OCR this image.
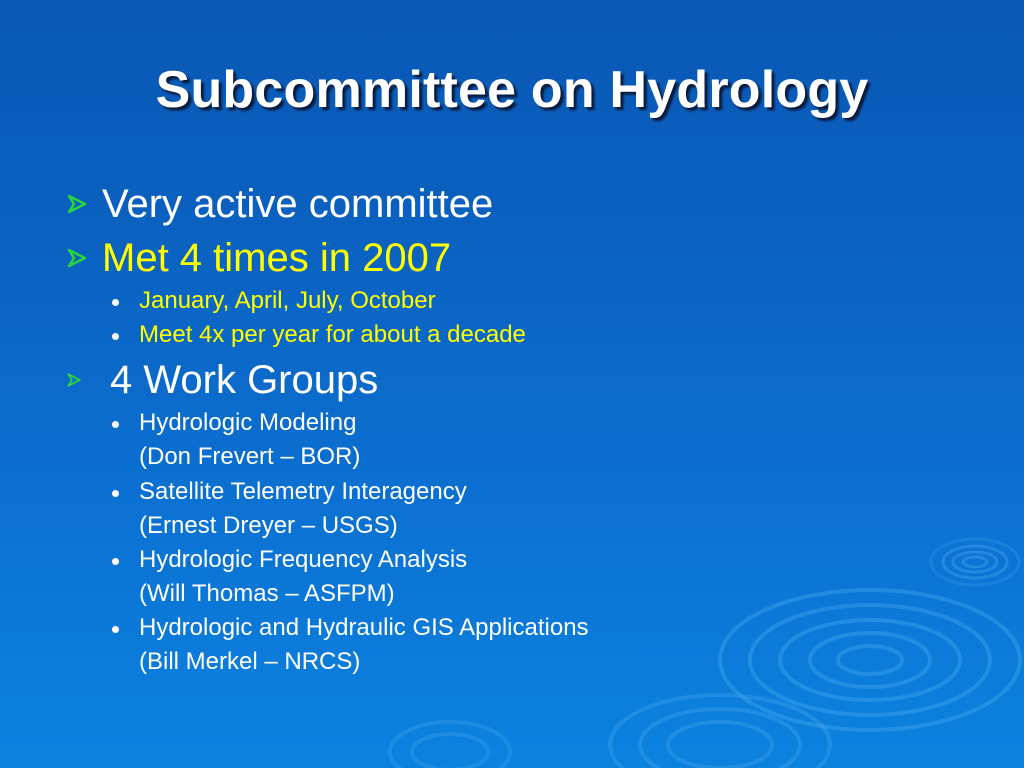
Subcommittee on Hydrology
Very active committee
Met 4 times in 2007
January, April, July, October
Meet 4x per year for about a decade
4 Work Groups
Hydrologic Modeling
(Don Frevert – BOR)
Satellite Telemetry Interagency
(Ernest Dreyer – USGS)
Hydrologic Frequency Analysis
(Will Thomas – ASFPM)
Hydrologic and Hydraulic GIS Applications
(Bill Merkel – NRCS)
